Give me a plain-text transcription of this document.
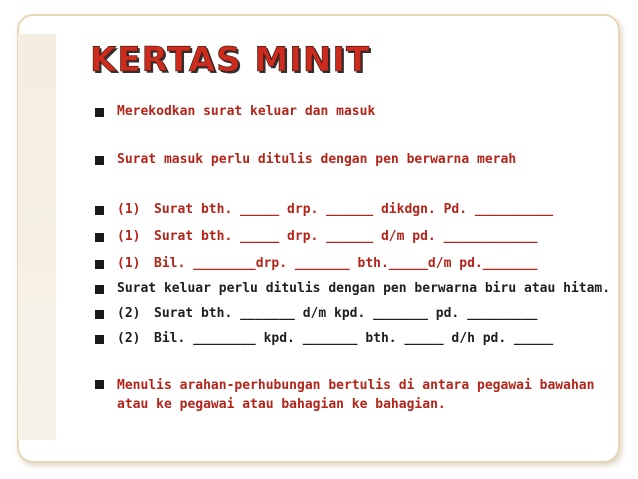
KERTAS MINIT
Merekodkan surat keluar dan masuk
Surat masuk perlu ditulis dengan pen berwarna merah
(1)	Surat bth. _____ drp. ______ dikdgn. Pd. __________
(1)	Surat bth. _____ drp. ______ d/m pd. ____________
(1)	Bil. ________drp. _______ bth._____d/m pd._______
Surat keluar perlu ditulis dengan pen berwarna biru atau hitam.
(2)	Surat bth. _______ d/m kpd. _______ pd. _________
(2)	Bil. ________ kpd. _______ bth. _____ d/h pd. _____
Menulis arahan-perhubungan bertulis di antara pegawai bawahan atau ke pegawai atau bahagian ke bahagian.
